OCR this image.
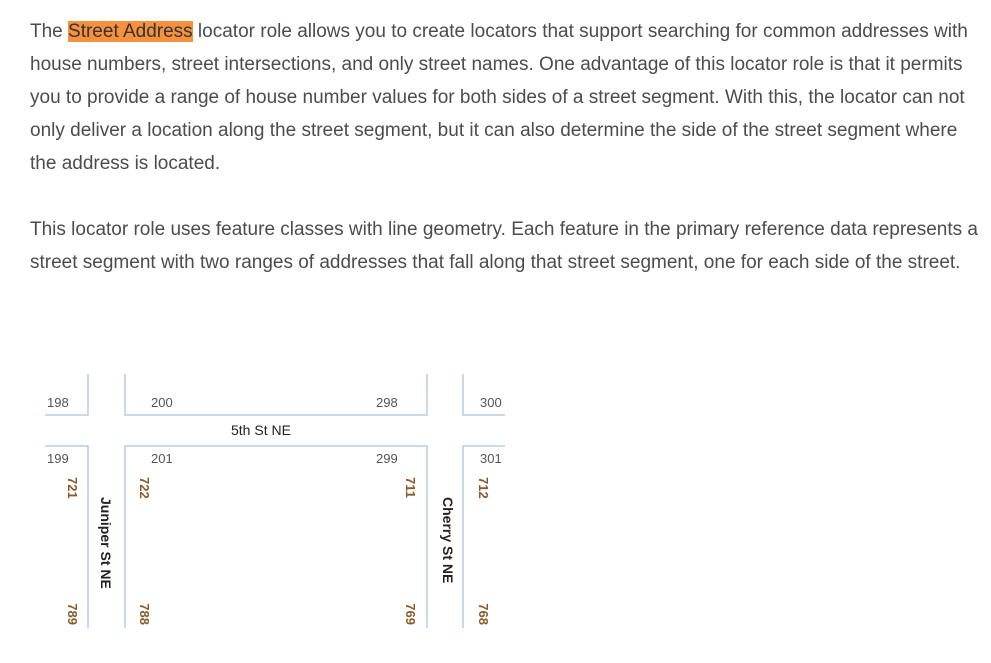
The Street Address locator role allows you to create locators that support searching for common addresses with house numbers, street intersections, and only street names. One advantage of this locator role is that it permits you to provide a range of house number values for both sides of a street segment. With this, the locator can not only deliver a location along the street segment, but it can also determine the side of the street segment where the address is located.

This locator role uses feature classes with line geometry. Each feature in the primary reference data represents a street segment with two ranges of addresses that fall along that street segment, one for each side of the street.

198	200	298	300
5th St NE
199	201	299	301
721
789
722
788
711
769
712
768
Juniper St NE	Cherry St NE
